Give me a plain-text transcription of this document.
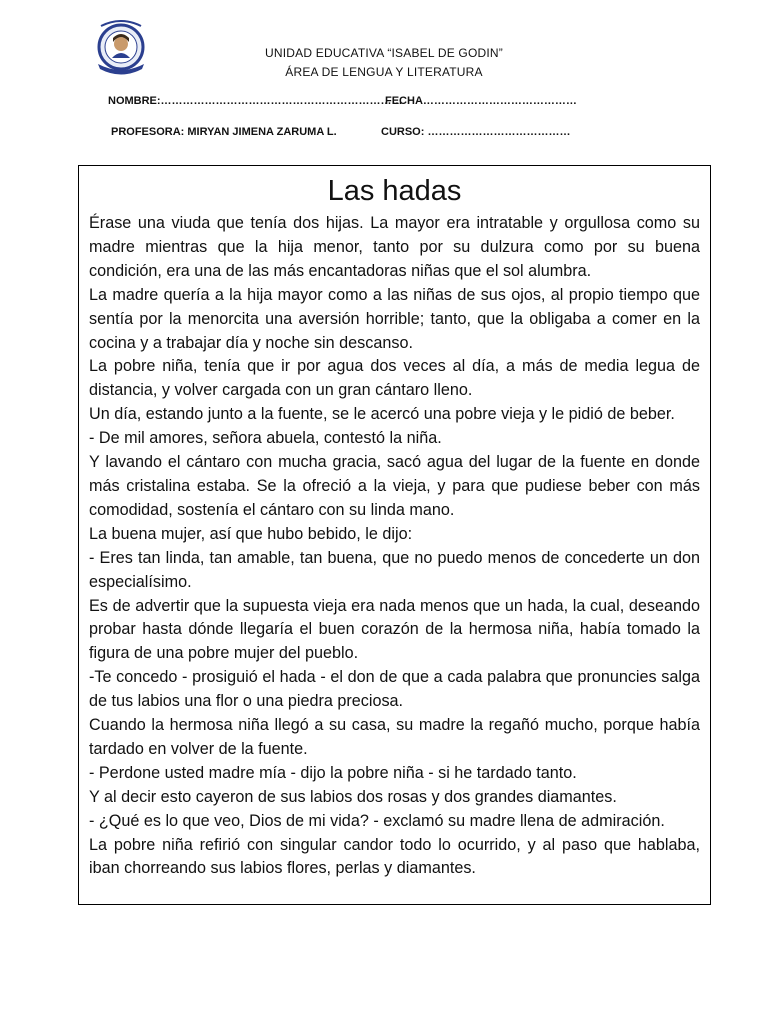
UNIDAD EDUCATIVA “ISABEL DE GODIN”
ÁREA DE LENGUA Y LITERATURA
NOMBRE:…………………………………………………………
FECHA……………………………………
PROFESORA: MIRYAN JIMENA ZARUMA L.	CURSO: …………………………………
Las hadas

Érase una viuda que tenía dos hijas. La mayor era intratable y orgullosa como su madre mientras que la hija menor, tanto por su dulzura como por su buena condición, era una de las más encantadoras niñas que el sol alumbra.

La madre quería a la hija mayor como a las niñas de sus ojos, al propio tiempo que sentía por la menorcita una aversión horrible; tanto, que la obligaba a comer en la cocina y a trabajar día y noche sin descanso.

La pobre niña, tenía que ir por agua dos veces al día, a más de media legua de distancia, y volver cargada con un gran cántaro lleno.

Un día, estando junto a la fuente, se le acercó una pobre vieja y le pidió de beber.

- De mil amores, señora abuela, contestó la niña.

Y lavando el cántaro con mucha gracia, sacó agua del lugar de la fuente en donde más cristalina estaba. Se la ofreció a la vieja, y para que pudiese beber con más comodidad, sostenía el cántaro con su linda mano.

La buena mujer, así que hubo bebido, le dijo:

- Eres tan linda, tan amable, tan buena, que no puedo menos de concederte un don especialísimo.

Es de advertir que la supuesta vieja era nada menos que un hada, la cual, deseando probar hasta dónde llegaría el buen corazón de la hermosa niña, había tomado la figura de una pobre mujer del pueblo.

-Te concedo - prosiguió el hada - el don de que a cada palabra que pronuncies salga de tus labios una flor o una piedra preciosa.

Cuando la hermosa niña llegó a su casa, su madre la regañó mucho, porque había tardado en volver de la fuente.

- Perdone usted madre mía - dijo la pobre niña - si he tardado tanto.

Y al decir esto cayeron de sus labios dos rosas y dos grandes diamantes.

- ¿Qué es lo que veo, Dios de mi vida? - exclamó su madre llena de admiración.

La pobre niña refirió con singular candor todo lo ocurrido, y al paso que hablaba, iban chorreando sus labios flores, perlas y diamantes.
